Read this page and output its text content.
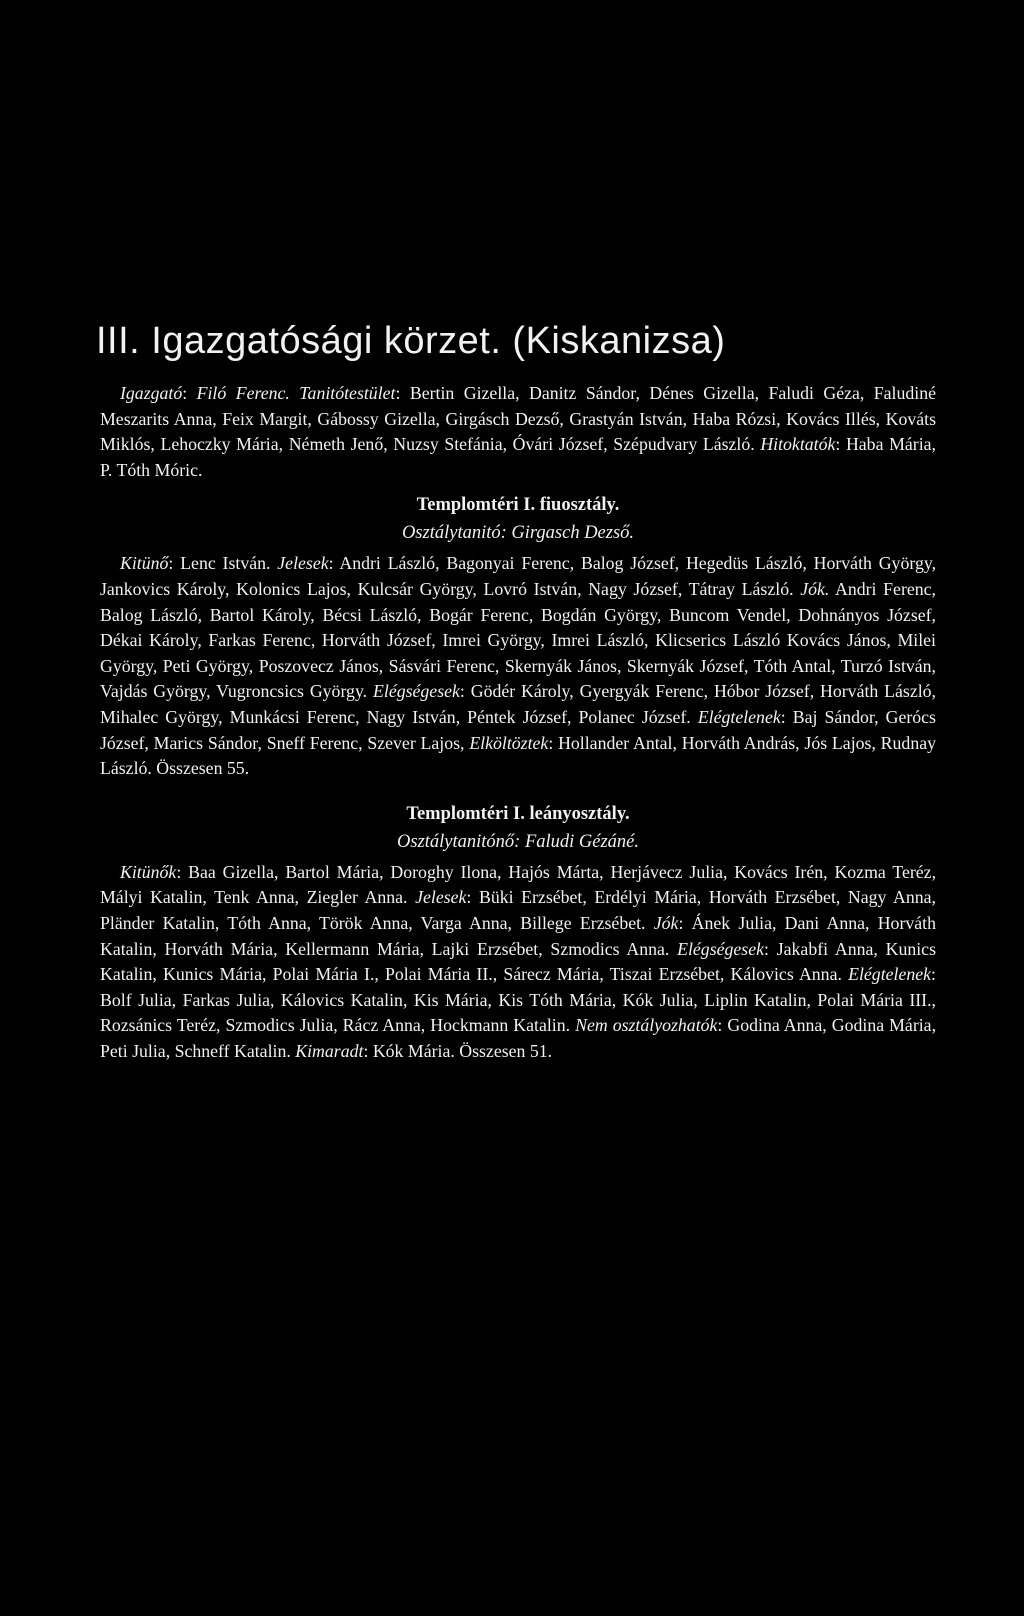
III. Igazgatósági körzet. (Kiskanizsa)

Igazgató: Filó Ferenc. Tanitótestület: Bertin Gizella, Danitz Sándor, Dénes Gizella, Faludi Géza, Faludiné Meszarits Anna, Feix Margit, Gábossy Gizella, Girgásch Dezső, Grastyán István, Haba Rózsi, Kovács Illés, Kováts Miklós, Lehoczky Mária, Németh Jenő, Nuzsy Stefánia, Óvári József, Szépudvary László. Hitoktatók: Haba Mária, P. Tóth Móric.

Templomtéri I. fiuosztály.
Osztálytanitó: Girgasch Dezső.

Kitünő: Lenc István. Jelesek: Andri László, Bagonyai Ferenc, Balog József, Hegedüs László, Horváth György, Jankovics Károly, Kolonics Lajos, Kulcsár György, Lovró István, Nagy József, Tátray László. Jók. Andri Ferenc, Balog László, Bartol Károly, Bécsi László, Bogár Ferenc, Bogdán György, Buncom Vendel, Dohnányos József, Dékai Károly, Farkas Ferenc, Horváth József, Imrei György, Imrei László, Klicserics László Kovács János, Milei György, Peti György, Poszovecz János, Sásvári Ferenc, Skernyák János, Skernyák József, Tóth Antal, Turzó István, Vajdás György, Vugroncsics György. Elégségesek: Gödér Károly, Gyergyák Ferenc, Hóbor József, Horváth László, Mihalec György, Munkácsi Ferenc, Nagy István, Péntek József, Polanec József. Elégtelenek: Baj Sándor, Gerócs József, Marics Sándor, Sneff Ferenc, Szever Lajos, Elköltöztek: Hollander Antal, Horváth András, Jós Lajos, Rudnay László. Összesen 55.

Templomtéri I. leányosztály.
Osztálytanitónő: Faludi Gézáné.

Kitünők: Baa Gizella, Bartol Mária, Doroghy Ilona, Hajós Márta, Herjávecz Julia, Kovács Irén, Kozma Teréz, Mályi Katalin, Tenk Anna, Ziegler Anna. Jelesek: Büki Erzsébet, Erdélyi Mária, Horváth Erzsébet, Nagy Anna, Pländer Katalin, Tóth Anna, Török Anna, Varga Anna, Billege Erzsébet. Jók: Ánek Julia, Dani Anna, Horváth Katalin, Horváth Mária, Kellermann Mária, Lajki Erzsébet, Szmodics Anna. Elégségesek: Jakabfi Anna, Kunics Katalin, Kunics Mária, Polai Mária I., Polai Mária II., Sárecz Mária, Tiszai Erzsébet, Kálovics Anna. Elégtelenek: Bolf Julia, Farkas Julia, Kálovics Katalin, Kis Mária, Kis Tóth Mária, Kók Julia, Liplin Katalin, Polai Mária III., Rozsánics Teréz, Szmodics Julia, Rácz Anna, Hockmann Katalin. Nem osztályozhatók: Godina Anna, Godina Mária, Peti Julia, Schneff Katalin. Kimaradt: Kók Mária. Összesen 51.
